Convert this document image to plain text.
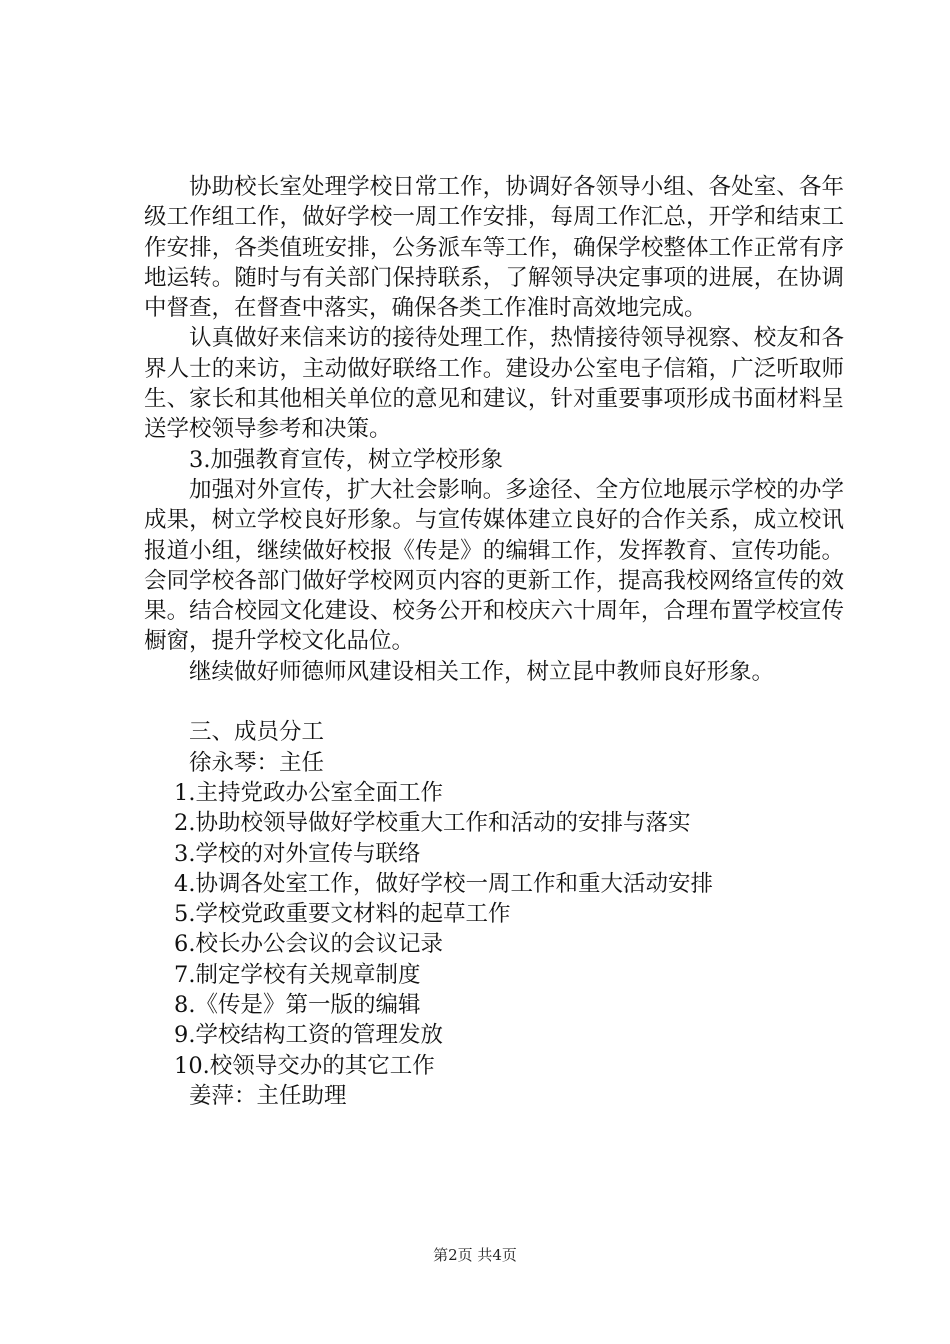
协助校长室处理学校日常工作，协调好各领导小组、各处室、各年级工作组工作，做好学校一周工作安排，每周工作汇总，开学和结束工作安排，各类值班安排，公务派车等工作，确保学校整体工作正常有序地运转。随时与有关部门保持联系，了解领导决定事项的进展，在协调中督查，在督查中落实，确保各类工作准时高效地完成。

认真做好来信来访的接待处理工作，热情接待领导视察、校友和各界人士的来访，主动做好联络工作。建设办公室电子信箱，广泛听取师生、家长和其他相关单位的意见和建议，针对重要事项形成书面材料呈送学校领导参考和决策。

3.加强教育宣传，树立学校形象

加强对外宣传，扩大社会影响。多途径、全方位地展示学校的办学成果，树立学校良好形象。与宣传媒体建立良好的合作关系，成立校讯报道小组，继续做好校报《传是》的编辑工作，发挥教育、宣传功能。会同学校各部门做好学校网页内容的更新工作，提高我校网络宣传的效果。结合校园文化建设、校务公开和校庆六十周年，合理布置学校宣传橱窗，提升学校文化品位。

继续做好师德师风建设相关工作，树立昆中教师良好形象。

三、成员分工

徐永琴：主任

1.主持党政办公室全面工作
2.协助校领导做好学校重大工作和活动的安排与落实
3.学校的对外宣传与联络
4.协调各处室工作，做好学校一周工作和重大活动安排
5.学校党政重要文材料的起草工作
6.校长办公会议的会议记录
7.制定学校有关规章制度
8.《传是》第一版的编辑
9.学校结构工资的管理发放
10.校领导交办的其它工作

姜萍：主任助理

第2页 共4页
